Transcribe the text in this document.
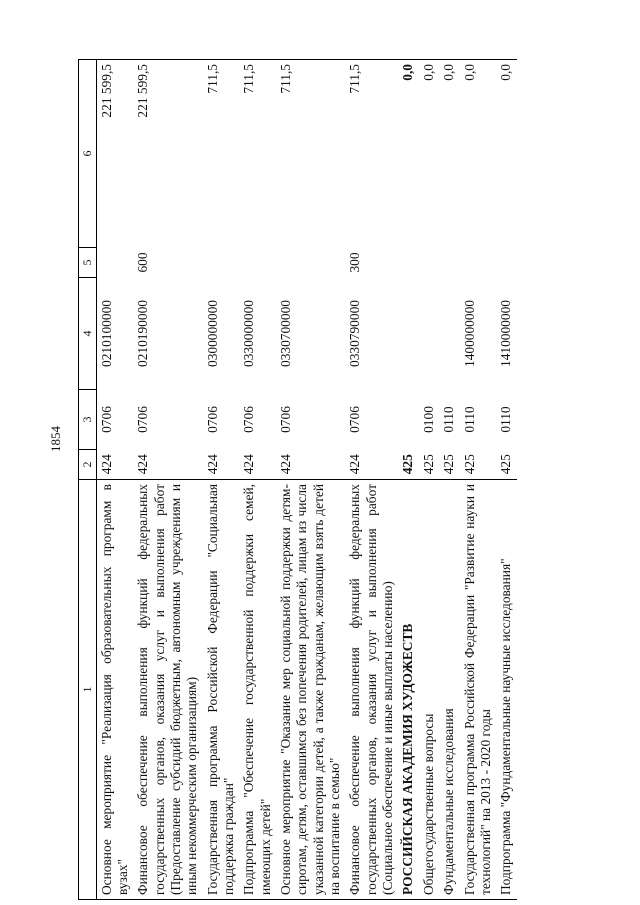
1854
1	2	3	4	5	6
Основное мероприятие "Реализация образовательных программ в вузах"	424	0706	0210100000		221 599,5
Финансовое обеспечение выполнения функций федеральных государственных органов, оказания услуг и выполнения работ (Предоставление субсидий бюджетным, автономным учреждениям и иным некоммерческим организациям)	424	0706	0210190000	600	221 599,5
Государственная программа Российской Федерации "Социальная поддержка граждан"	424	0706	0300000000		711,5
Подпрограмма "Обеспечение государственной поддержки семей, имеющих детей"	424	0706	0330000000		711,5
Основное мероприятие "Оказание мер социальной поддержки детям-сиротам, детям, оставшимся без попечения родителей, лицам из числа указанной категории детей, а также гражданам, желающим взять детей на воспитание в семью"	424	0706	0330700000		711,5
Финансовое обеспечение выполнения функций федеральных государственных органов, оказания услуг и выполнения работ (Социальное обеспечение и иные выплаты населению)	424	0706	0330790000	300	711,5
РОССИЙСКАЯ АКАДЕМИЯ ХУДОЖЕСТВ	425				0,0
Общегосударственные вопросы	425	0100			0,0
Фундаментальные исследования	425	0110			0,0
Государственная программа Российской Федерации "Развитие науки и технологий" на 2013 - 2020 годы	425	0110	1400000000		0,0
Подпрограмма "Фундаментальные научные исследования"	425	0110	1410000000		0,0
